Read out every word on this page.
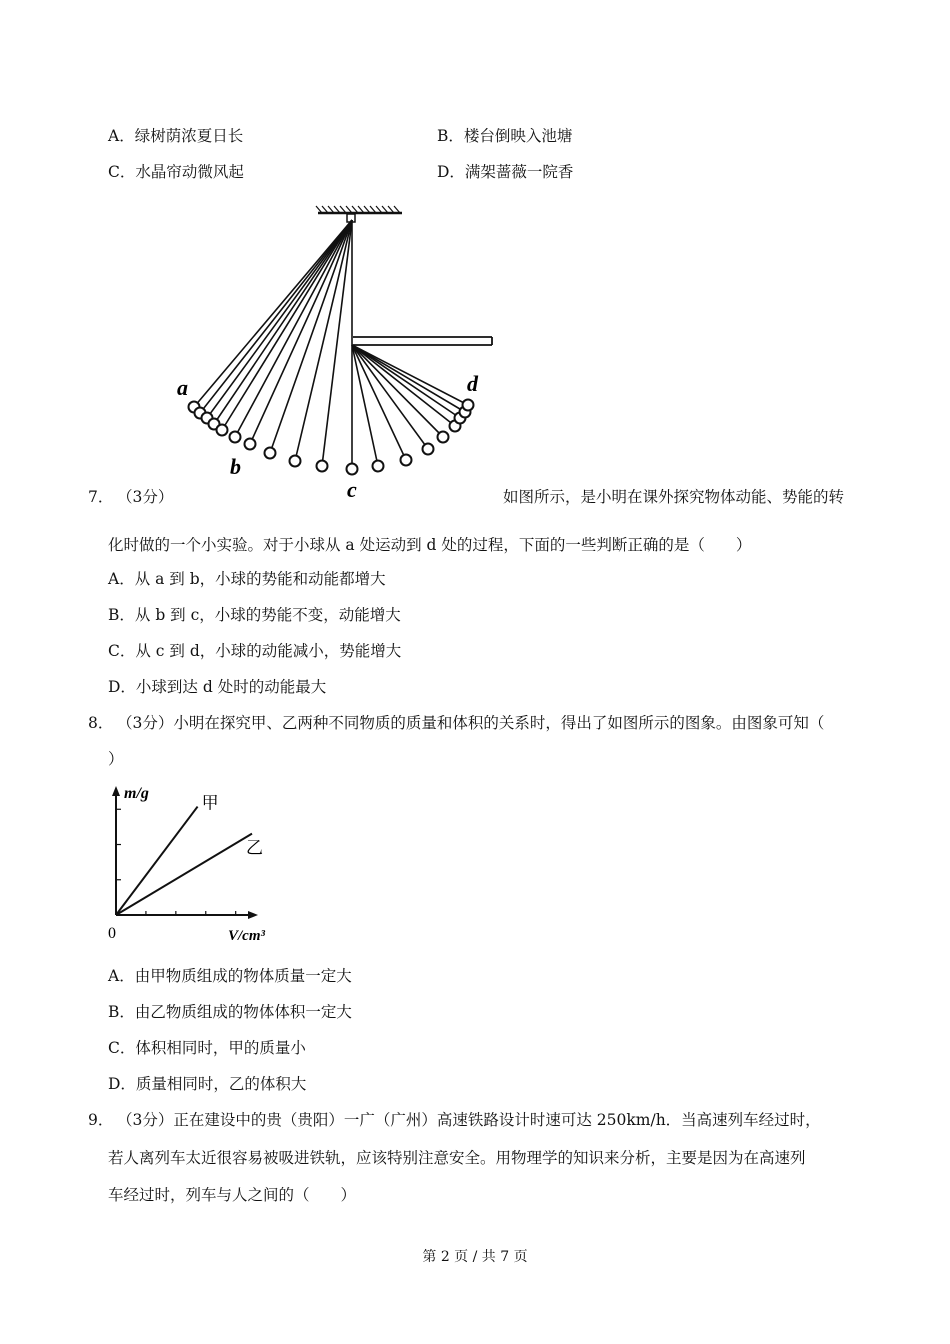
A．绿树荫浓夏日长	B．楼台倒映入池塘
C．水晶帘动微风起	D．满架蔷薇一院香
a
b
c
d
7． （3分）	如图所示，是小明在课外探究物体动能、势能的转
化时做的一个小实验。对于小球从 a 处运动到 d 处的过程，下面的一些判断正确的是（　　）
A．从 a 到 b，小球的势能和动能都增大
B．从 b 到 c，小球的势能不变，动能增大
C．从 c 到 d，小球的动能减小，势能增大
D．小球到达 d 处时的动能最大
8． （3分）小明在探究甲、乙两种不同物质的质量和体积的关系时，得出了如图所示的图象。由图象可知（
）
甲
乙
m/g
V/cm³
0
A．由甲物质组成的物体质量一定大
B．由乙物质组成的物体体积一定大
C．体积相同时，甲的质量小
D．质量相同时，乙的体积大
9． （3分）正在建设中的贵（贵阳）一广（广州）高速铁路设计时速可达 250km/h．当高速列车经过时，
若人离列车太近很容易被吸进铁轨，应该特别注意安全。用物理学的知识来分析，主要是因为在高速列
车经过时，列车与人之间的（　　）
第 2 页 / 共 7 页
